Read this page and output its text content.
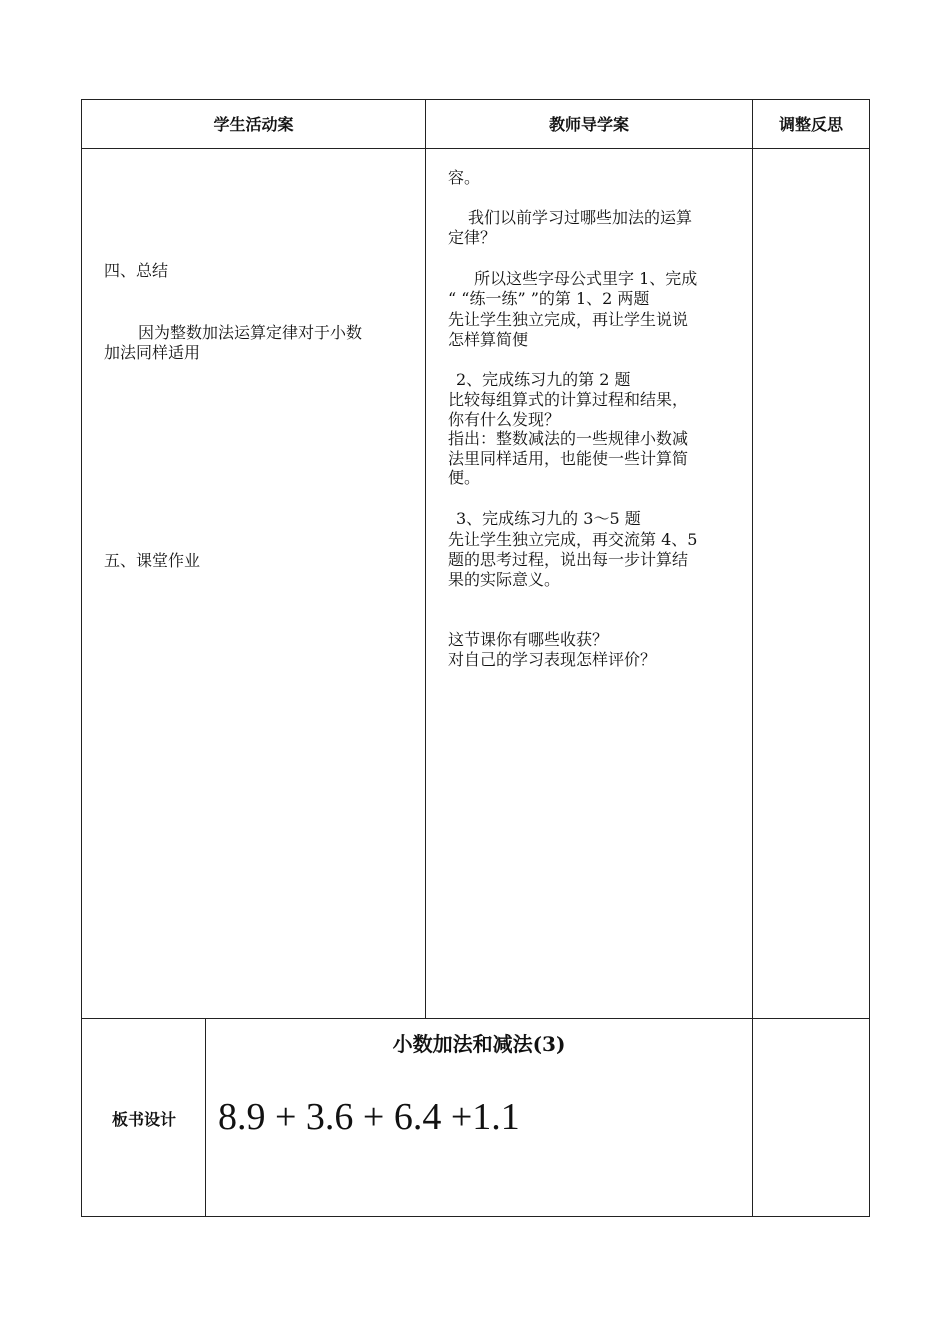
学生活动案	教师导学案	调整反思
四、总结
因为整数加法运算定律对于小数
加法同样适用
五、课堂作业
容。
我们以前学习过哪些加法的运算
定律？
所以这些字母公式里字 1、完成
“ “练一练” ”的第 1、2 两题
先让学生独立完成，再让学生说说
怎样算简便
2、完成练习九的第 2 题
比较每组算式的计算过程和结果，
你有什么发现？
指出：整数减法的一些规律小数减
法里同样适用，也能使一些计算简
便。
3、完成练习九的 3～5 题
先让学生独立完成，再交流第 4、5
题的思考过程，说出每一步计算结
果的实际意义。
这节课你有哪些收获？
对自己的学习表现怎样评价？
板书设计
小数加法和减法(3)
8.9 + 3.6 + 6.4 +1.1
